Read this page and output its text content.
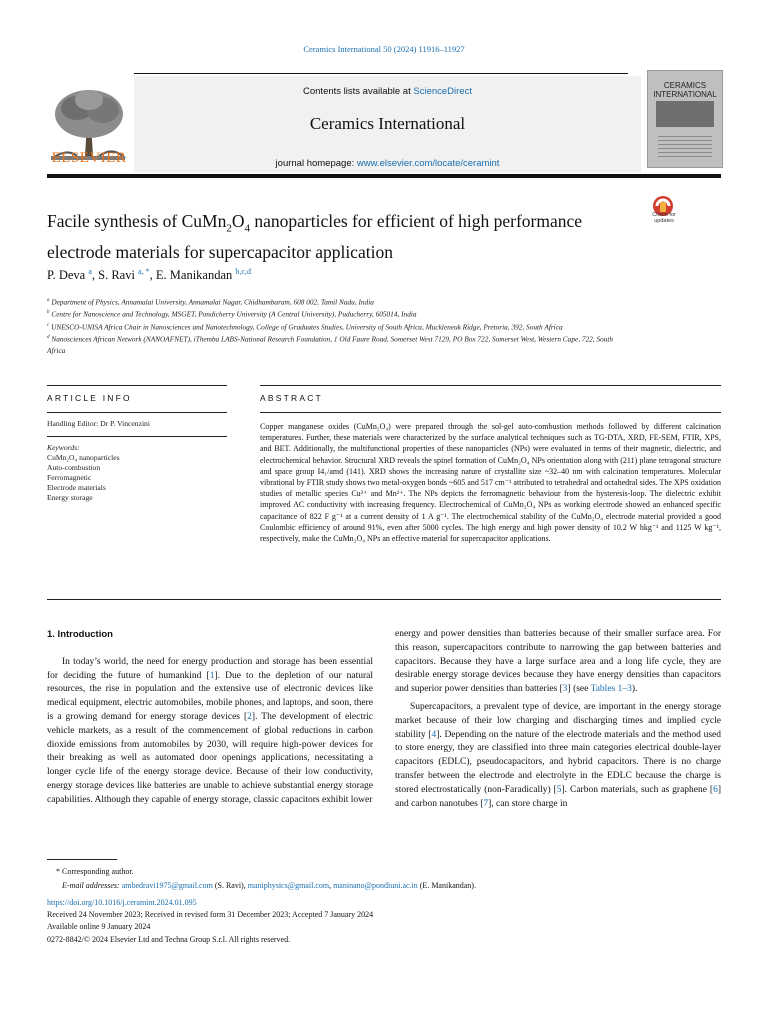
Ceramics International 50 (2024) 11916–11927
ELSEVIER
Contents lists available at ScienceDirect
Ceramics International
journal homepage: www.elsevier.com/locate/ceramint
CERAMICS INTERNATIONAL
Facile synthesis of $CuMn_2O_4$ nanoparticles for efficient of high performance
electrode materials for supercapacitor application
Check for
updates
P. Deva $^a$, S. Ravi $^{a, *}$, E. Manikandan $^{b,c,d}$
$^a$ Department of Physics, Annamalai University, Annamalai Nagar, Chidhambaram, 608 002, Tamil Nadu, India
$^b$ Centre for Nanoscience and Technology, MSGET, Pondicherry University (A Central University), Puducherry, 605014, India
$^c$ UNESCO-UNISA Africa Chair in Nanosciences and Nanotechnology, College of Graduates Studies, University of South Africa, Muckleneuk Ridge, Pretoria, 392, South Africa
$^d$ Nanosciences African Network (NANOAFNET), iThemba LABS-National Research Foundation, 1 Old Faure Road, Somerset West 7129, PO Box 722, Somerset West, Western Cape, 722, South Africa
ARTICLE INFO
Handling Editor: Dr P. Vincenzini
Keywords:
CuMn₂O₄ nanoparticles
Auto-combustion
Ferromagnetic
Electrode materials
Energy storage
ABSTRACT
Copper manganese oxides (CuMn₂O₄) were prepared through the sol-gel auto-combustion methods followed by different calcination temperatures. Further, these materials were characterized by the surface analytical techniques such as TG-DTA, XRD, FE-SEM, FTIR, XPS, and BET. Additionally, the multifunctional properties of these nanoparticles (NPs) were evaluated in terms of their magnetic, dielectric, and electrochemical behavior. Structural XRD reveals the spinel formation of CuMn₂O₄ NPs orientation along with (211) plane tetragonal structure and space group I4₁/amd (141). XRD shows the increasing nature of crystallite size ~32–40 nm with calcination temperatures. Molecular vibrational by FTIR study shows two metal-oxygen bonds ~605 and 517 cm⁻¹ attributed to tetrahedral and octahedral sides. The XPS oxidation studies of metallic species Cu²⁺ and Mn²⁺. The NPs depicts the ferromagnetic behaviour from the hysteresis-loop. The dielectric exhibit improved AC conductivity with increasing frequency. Electrochemical of CuMn₂O₄ NPs as working electrode showed an enhanced specific capacitance of 822 F g⁻¹ at a current density of 1 A g⁻¹. The electrochemical stability of the CuMn₂O₄ electrode material provided a good Coulombic efficiency of around 91%, even after 5000 cycles. The high energy and high power density of 10.2 W hkg⁻¹ and 1125 W kg⁻¹, respectively, make the CuMn₂O₄ NPs an effective material for supercapacitor applications.

1. Introduction

In today’s world, the need for energy production and storage has been essential for deciding the future of humankind [1]. Due to the depletion of our natural resources, the rise in population and the extensive use of electronic devices like medical equipment, electric automobiles, mobile phones, and laptops, and soon, there is a growing demand for energy storage devices [2]. The development of electric vehicle markets, as a result of the commencement of global reductions in carbon dioxide emissions from automobiles by 2030, will require high-power devices for their breaking as well as automated door openings applications, necessitating a longer cycle life of the energy storage device. Because of their low conductivity, energy storage devices like batteries are unable to achieve substantial energy storage capabilities. Although they capable of energy storage, classic capacitors exhibit lower

energy and power densities than batteries because of their smaller surface area. For this reason, supercapacitors contribute to narrowing the gap between batteries and capacitors. Because they have a large surface area and a long life cycle, they are desirable energy storage devices because they have energy densities than capacitors and superior power densities than batteries [3] (see Tables 1–3).

Supercapacitors, a prevalent type of device, are important in the energy storage market because of their low charging and discharging times and implied cycle stability [4]. Depending on the nature of the electrode materials and the method used to store energy, they are classified into three main categories electrical double-layer capacitors (EDLC), pseudocapacitors, and hybrid capacitors. There is no charge transfer between the electrode and electrolyte in the EDLC because the charge is stored electrostatically (non-Faradically) [5]. Carbon materials, such as graphene [6] and carbon nanotubes [7], can store charge in

* Corresponding author.
E-mail addresses: ambedravi1975@gmail.com (S. Ravi), maniphysics@gmail.com, maninano@pondiuni.ac.in (E. Manikandan).
https://doi.org/10.1016/j.ceramint.2024.01.095
Received 24 November 2023; Received in revised form 31 December 2023; Accepted 7 January 2024
Available online 9 January 2024
0272-8842/© 2024 Elsevier Ltd and Techna Group S.r.l. All rights reserved.
